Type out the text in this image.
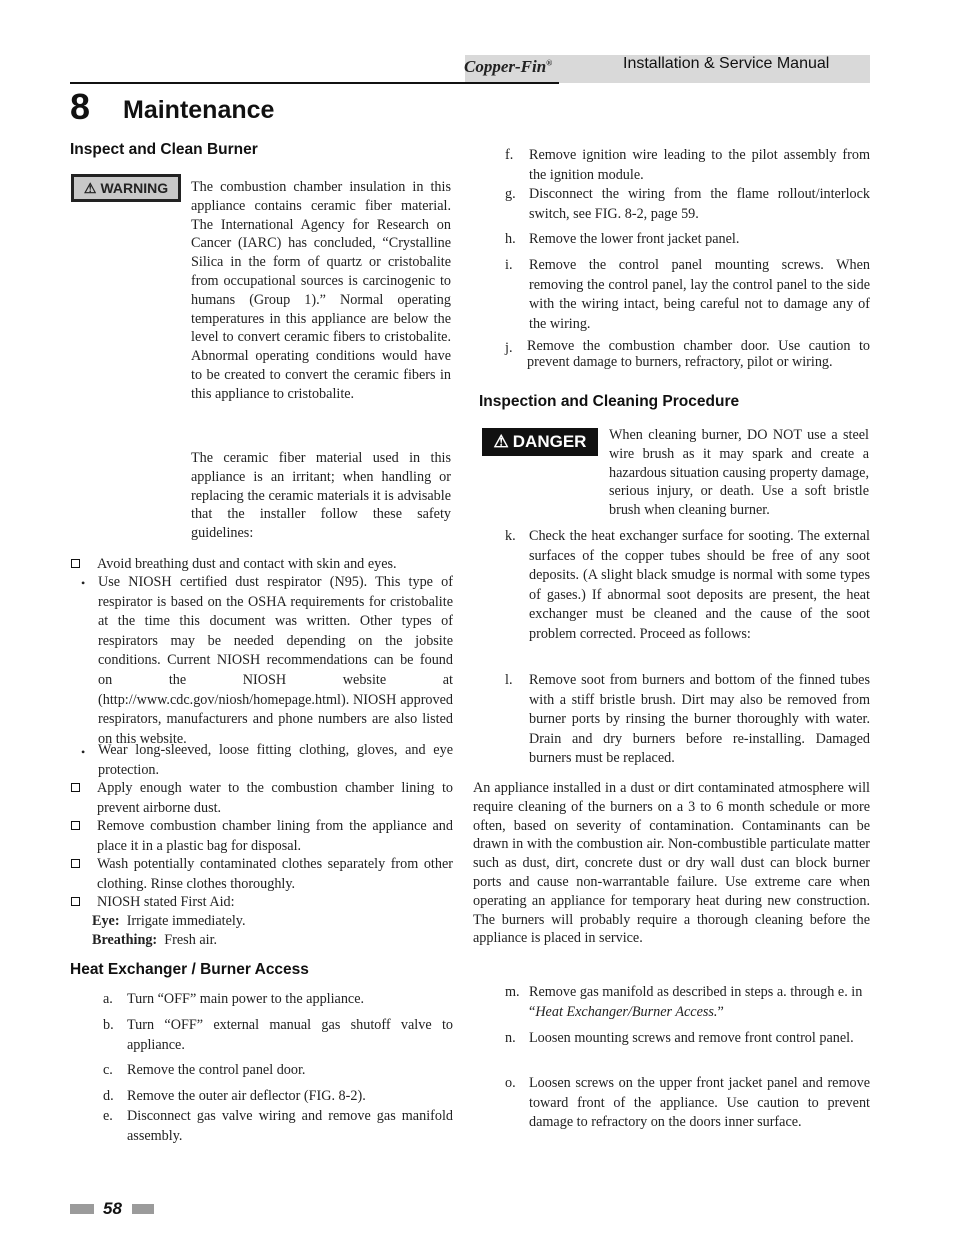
Copper-Fin®	Installation & Service Manual
8 Maintenance
Inspect and Clean Burner
⚠ WARNING The combustion chamber insulation in this appliance contains ceramic fiber material. The International Agency for Research on Cancer (IARC) has concluded, “Crystalline Silica in the form of quartz or cristobalite from occupational sources is carcinogenic to humans (Group 1).” Normal operating temperatures in this appliance are below the level to convert ceramic fibers to cristobalite. Abnormal operating conditions would have to be created to convert the ceramic fibers in this appliance to cristobalite.
The ceramic fiber material used in this appliance is an irritant; when handling or replacing the ceramic materials it is advisable that the installer follow these safety guidelines:
Avoid breathing dust and contact with skin and eyes.
• Use NIOSH certified dust respirator (N95). This type of respirator is based on the OSHA requirements for cristobalite at the time this document was written. Other types of respirators may be needed depending on the jobsite conditions. Current NIOSH recommendations can be found on the NIOSH website at (http://www.cdc.gov/niosh/homepage.html). NIOSH approved respirators, manufacturers and phone numbers are also listed on this website.
• Wear long-sleeved, loose fitting clothing, gloves, and eye protection.
Apply enough water to the combustion chamber lining to prevent airborne dust.
Remove combustion chamber lining from the appliance and place it in a plastic bag for disposal.
Wash potentially contaminated clothes separately from other clothing. Rinse clothes thoroughly.
NIOSH stated First Aid:
Eye: Irrigate immediately.
Breathing: Fresh air.
Heat Exchanger / Burner Access
a. Turn “OFF” main power to the appliance.
b. Turn “OFF” external manual gas shutoff valve to appliance.
c. Remove the control panel door.
d. Remove the outer air deflector (FIG. 8-2).
e. Disconnect gas valve wiring and remove gas manifold assembly.
f. Remove ignition wire leading to the pilot assembly from the ignition module.
g. Disconnect the wiring from the flame rollout/interlock switch, see FIG. 8-2, page 59.
h. Remove the lower front jacket panel.
i. Remove the control panel mounting screws. When removing the control panel, lay the control panel to the side with the wiring intact, being careful not to damage any of the wiring.
j. Remove the combustion chamber door. Use caution to prevent damage to burners, refractory, pilot or wiring.
Inspection and Cleaning Procedure
⚠ DANGER When cleaning burner, DO NOT use a steel wire brush as it may spark and create a hazardous situation causing property damage, serious injury, or death. Use a soft bristle brush when cleaning burner.
k. Check the heat exchanger surface for sooting. The external surfaces of the copper tubes should be free of any soot deposits. (A slight black smudge is normal with some types of gases.) If abnormal soot deposits are present, the heat exchanger must be cleaned and the cause of the soot problem corrected. Proceed as follows:
l. Remove soot from burners and bottom of the finned tubes with a stiff bristle brush. Dirt may also be removed from burner ports by rinsing the burner thoroughly with water. Drain and dry burners before re-installing. Damaged burners must be replaced.
An appliance installed in a dust or dirt contaminated atmosphere will require cleaning of the burners on a 3 to 6 month schedule or more often, based on severity of contamination. Contaminants can be drawn in with the combustion air. Non-combustible particulate matter such as dust, dirt, concrete dust or dry wall dust can block burner ports and cause non-warrantable failure. Use extreme care when operating an appliance for temporary heat during new construction. The burners will probably require a thorough cleaning before the appliance is placed in service.
m. Remove gas manifold as described in steps a. through e. in “Heat Exchanger/Burner Access.”
n. Loosen mounting screws and remove front control panel.
o. Loosen screws on the upper front jacket panel and remove toward front of the appliance. Use caution to prevent damage to refractory on the doors inner surface.
58
